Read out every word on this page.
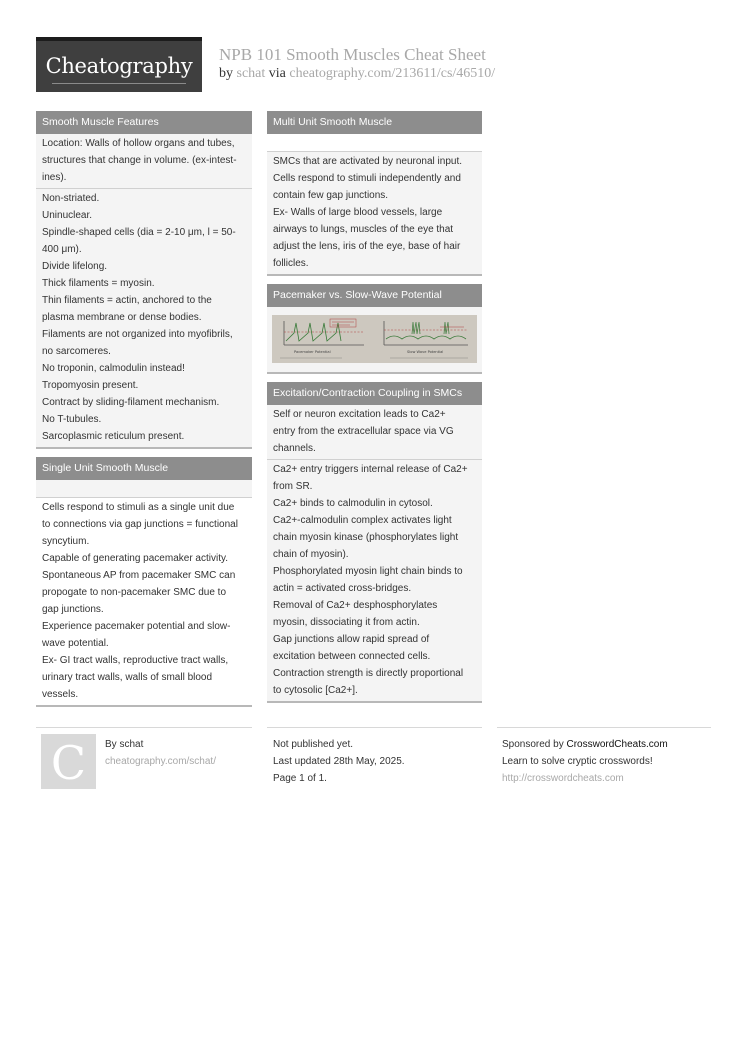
Cheatography	NPB 101 Smooth Muscles Cheat Sheet
by schat via cheatography.com/213611/cs/46510/
Smooth Muscle Features
Location: Walls of hollow organs and tubes,
structures that change in volume. (ex-intest-
ines).
Non-striated.
Uninuclear.
Spindle-shaped cells (dia = 2-10 μm, l = 50-
400 μm).
Divide lifelong.
Thick filaments = myosin.
Thin filaments = actin, anchored to the
plasma membrane or dense bodies.
Filaments are not organized into myofibrils,
no sarcomeres.
No troponin, calmodulin instead!
Tropomyosin present.
Contract by sliding-filament mechanism.
No T-tubules.
Sarcoplasmic reticulum present.
Single Unit Smooth Muscle
Cells respond to stimuli as a single unit due
to connections via gap junctions = functional
syncytium.
Capable of generating pacemaker activity.
Spontaneous AP from pacemaker SMC can
propogate to non-pacemaker SMC due to
gap junctions.
Experience pacemaker potential and slow-
wave potential.
Ex- GI tract walls, reproductive tract walls,
urinary tract walls, walls of small blood
vessels.
Multi Unit Smooth Muscle
SMCs that are activated by neuronal input.
Cells respond to stimuli independently and
contain few gap junctions.
Ex- Walls of large blood vessels, large
airways to lungs, muscles of the eye that
adjust the lens, iris of the eye, base of hair
follicles.
Pacemaker vs. Slow-Wave Potential
Pacemaker Potential	Slow Wave Potential
Excitation/Contraction Coupling in SMCs
Self or neuron excitation leads to Ca2+
entry from the extracellular space via VG
channels.
Ca2+ entry triggers internal release of Ca2+
from SR.
Ca2+ binds to calmodulin in cytosol.
Ca2+-calmodulin complex activates light
chain myosin kinase (phosphorylates light
chain of myosin).
Phosphorylated myosin light chain binds to
actin = activated cross-bridges.
Removal of Ca2+ desphosphorylates
myosin, dissociating it from actin.
Gap junctions allow rapid spread of
excitation between connected cells.
Contraction strength is directly proportional
to cytosolic [Ca2+].
C	By schat
cheatography.com/schat/
Not published yet.
Last updated 28th May, 2025.
Page 1 of 1.
Sponsored by CrosswordCheats.com
Learn to solve cryptic crosswords!
http://crosswordcheats.com
